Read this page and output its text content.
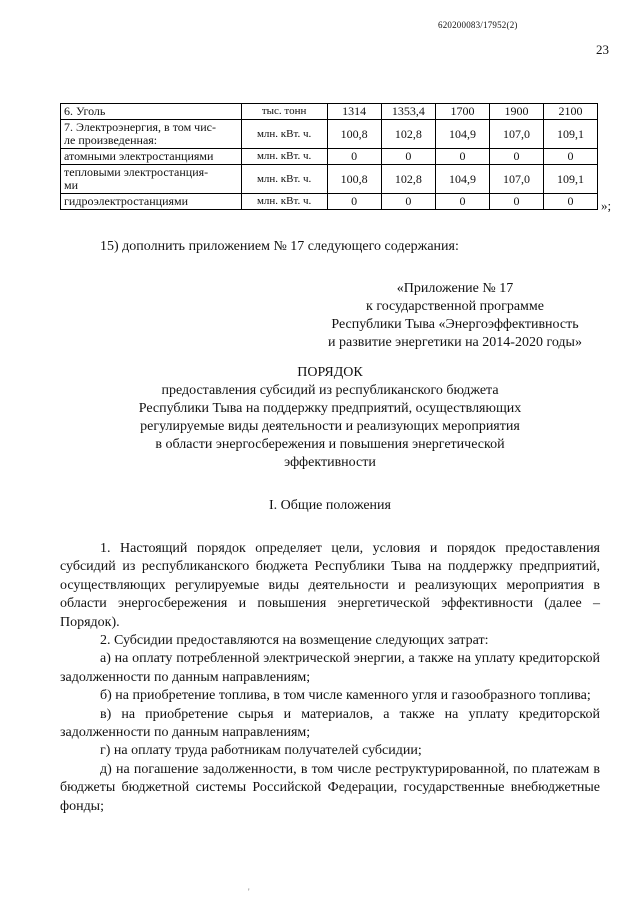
620200083/17952(2)
23
6. Уголь	тыс. тонн	1314	1353,4	1700	1900	2100
7. Электроэнергия, в том чис-
ле произведенная:	млн. кВт. ч.	100,8	102,8	104,9	107,0	109,1
атомными электростанциями	млн. кВт. ч.	0	0	0	0	0
тепловыми электростанция-
ми	млн. кВт. ч.	100,8	102,8	104,9	107,0	109,1
гидроэлектростанциями	млн. кВт. ч.	0	0	0	0	0 »;
15) дополнить приложением № 17 следующего содержания:
«Приложение № 17
к государственной программе
Республики Тыва «Энергоэффективность
и развитие энергетики на 2014-2020 годы»
ПОРЯДОК
предоставления субсидий из республиканского бюджета
Республики Тыва на поддержку предприятий, осуществляющих
регулируемые виды деятельности и реализующих мероприятия
в области энергосбережения и повышения энергетической
эффективности
I. Общие положения

1. Настоящий порядок определяет цели, условия и порядок предоставления субсидий из республиканского бюджета Республики Тыва на поддержку предприятий, осуществляющих регулируемые виды деятельности и реализующих мероприятия в области энергосбережения и повышения энергетической эффективности (далее – Порядок).

2. Субсидии предоставляются на возмещение следующих затрат:

а) на оплату потребленной электрической энергии, а также на уплату кредиторской задолженности по данным направлениям;

б) на приобретение топлива, в том числе каменного угля и газообразного топлива;

в) на приобретение сырья и материалов, а также на уплату кредиторской задолженности по данным направлениям;

г) на оплату труда работникам получателей субсидии;

д) на погашение задолженности, в том числе реструктурированной, по платежам в бюджеты бюджетной системы Российской Федерации, государственные внебюджетные фонды;

'
